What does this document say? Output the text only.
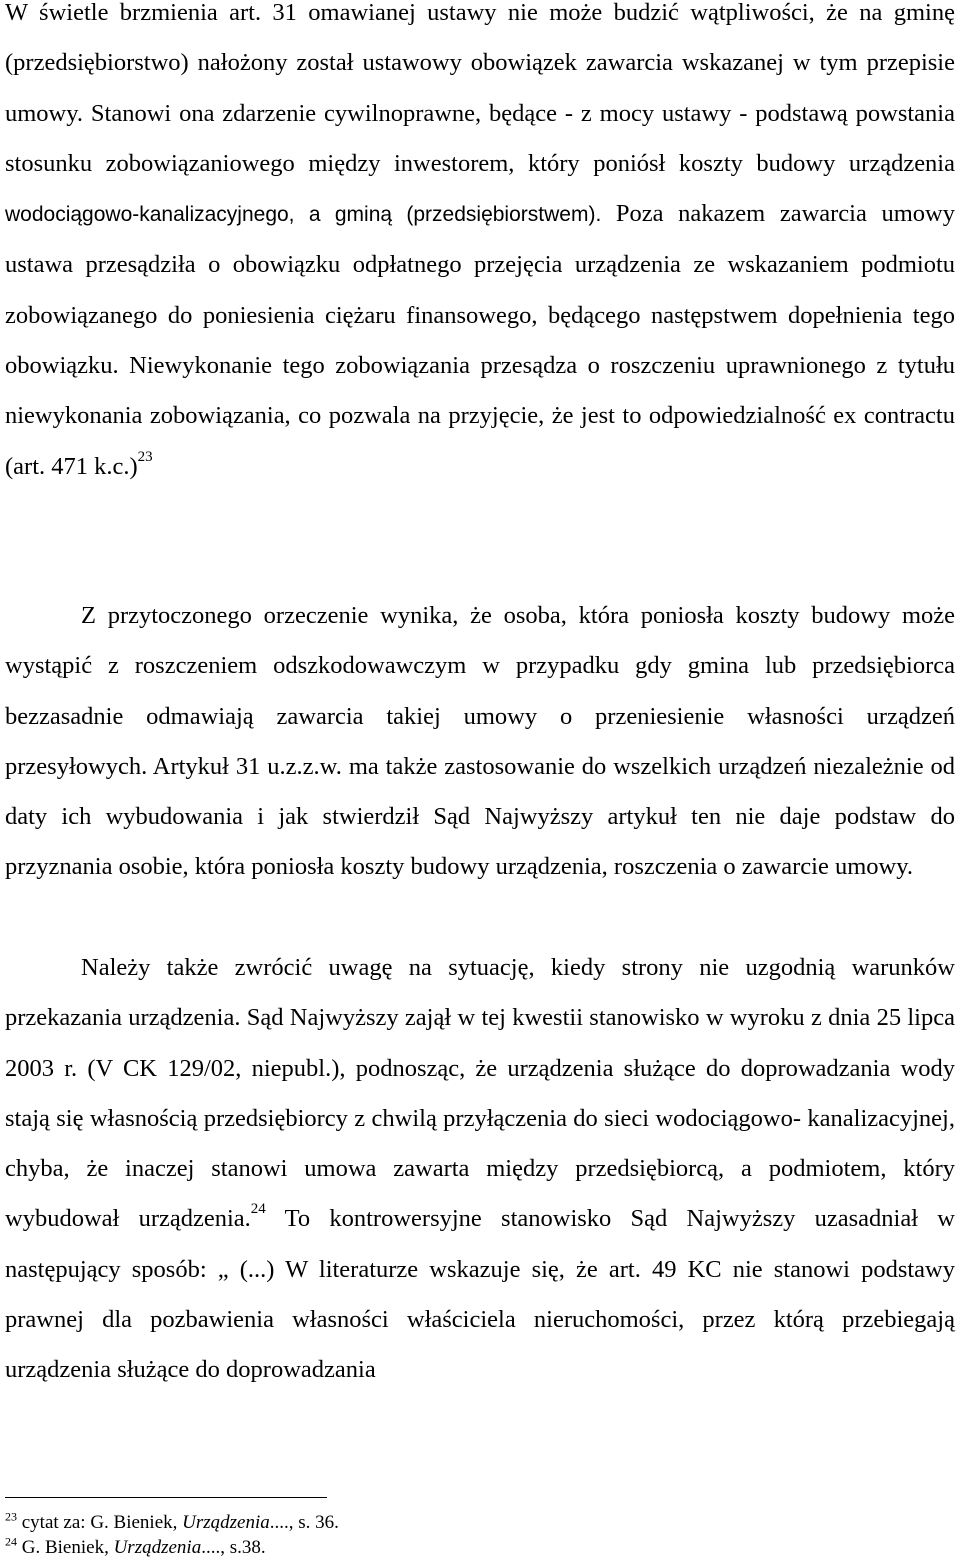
W świetle brzmienia art. 31 omawianej ustawy nie może budzić wątpliwości, że na gminę (przedsiębiorstwo) nałożony został ustawowy obowiązek zawarcia wskazanej w tym przepisie umowy. Stanowi ona zdarzenie cywilnoprawne, będące - z mocy ustawy - podstawą powstania stosunku zobowiązaniowego między inwestorem, który poniósł koszty budowy urządzenia wodociągowo-kanalizacyjnego, a gminą (przedsiębiorstwem). Poza nakazem zawarcia umowy ustawa przesądziła o obowiązku odpłatnego przejęcia urządzenia ze wskazaniem podmiotu zobowiązanego do poniesienia ciężaru finansowego, będącego następstwem dopełnienia tego obowiązku. Niewykonanie tego zobowiązania przesądza o roszczeniu uprawnionego z tytułu niewykonania zobowiązania, co pozwala na przyjęcie, że jest to odpowiedzialność ex contractu (art. 471 k.c.)$^{23}$

Z przytoczonego orzeczenie wynika, że osoba, która poniosła koszty budowy może wystąpić z roszczeniem odszkodowawczym w przypadku gdy gmina lub przedsiębiorca bezzasadnie odmawiają zawarcia takiej umowy o przeniesienie własności urządzeń przesyłowych. Artykuł 31 u.z.z.w. ma także zastosowanie do wszelkich urządzeń niezależnie od daty ich wybudowania i jak stwierdził Sąd Najwyższy artykuł ten nie daje podstaw do przyznania osobie, która poniosła koszty budowy urządzenia, roszczenia o zawarcie umowy.

Należy także zwrócić uwagę na sytuację, kiedy strony nie uzgodnią warunków przekazania urządzenia. Sąd Najwyższy zajął w tej kwestii stanowisko w wyroku z dnia 25 lipca 2003 r. (V CK 129/02, niepubl.), podnosząc, że urządzenia służące do doprowadzania wody stają się własnością przedsiębiorcy z chwilą przyłączenia do sieci wodociągowo- kanalizacyjnej, chyba, że inaczej stanowi umowa zawarta między przedsiębiorcą, a podmiotem, który wybudował urządzenia.$^{24}$ To kontrowersyjne stanowisko Sąd Najwyższy uzasadniał w następujący sposób: „ (...) W literaturze wskazuje się, że art. 49 KC nie stanowi podstawy prawnej dla pozbawienia własności właściciela nieruchomości, przez którą przebiegają urządzenia służące do doprowadzania

$^{23}$ cytat za: G. Bieniek, Urządzenia...., s. 36.

$^{24}$ G. Bieniek, Urządzenia...., s.38.
